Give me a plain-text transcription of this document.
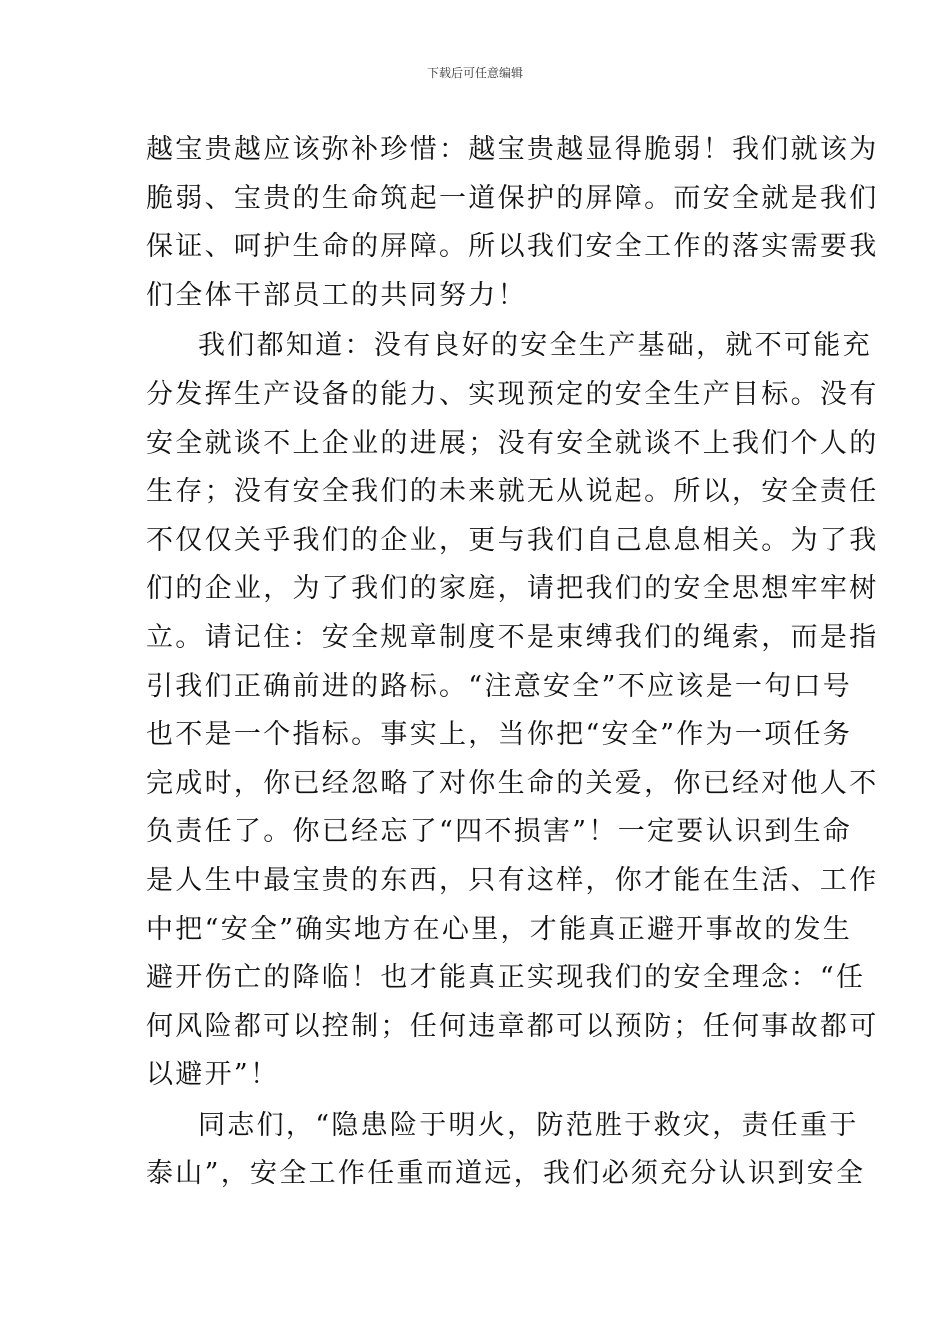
下载后可任意编辑
越宝贵越应该弥补珍惜：越宝贵越显得脆弱！我们就该为
脆弱、宝贵的生命筑起一道保护的屏障。而安全就是我们
保证、呵护生命的屏障。所以我们安全工作的落实需要我
们全体干部员工的共同努力！
我们都知道：没有良好的安全生产基础，就不可能充
分发挥生产设备的能力、实现预定的安全生产目标。没有
安全就谈不上企业的进展；没有安全就谈不上我们个人的
生存；没有安全我们的未来就无从说起。所以，安全责任
不仅仅关乎我们的企业，更与我们自己息息相关。为了我
们的企业，为了我们的家庭，请把我们的安全思想牢牢树
立。请记住：安全规章制度不是束缚我们的绳索，而是指
引我们正确前进的路标。“注意安全”不应该是一句口号
也不是一个指标。事实上，当你把“安全”作为一项任务
完成时，你已经忽略了对你生命的关爱，你已经对他人不
负责任了。你已经忘了“四不损害”！一定要认识到生命
是人生中最宝贵的东西，只有这样，你才能在生活、工作
中把“安全”确实地方在心里，才能真正避开事故的发生
避开伤亡的降临！也才能真正实现我们的安全理念：“任
何风险都可以控制；任何违章都可以预防；任何事故都可
以避开”！
同志们，“隐患险于明火，防范胜于救灾，责任重于
泰山”，安全工作任重而道远，我们必须充分认识到安全
